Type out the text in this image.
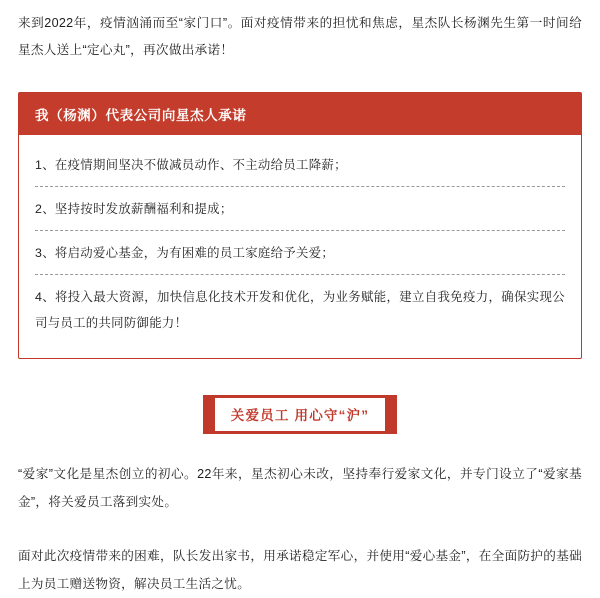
来到2022年，疫情汹涌而至“家门口”。面对疫情带来的担忧和焦虑，星杰队长杨渊先生第一时间给星杰人送上“定心丸”，再次做出承诺！

我（杨渊）代表公司向星杰人承诺
1、在疫情期间坚决不做减员动作、不主动给员工降薪；
2、坚持按时发放薪酬福利和提成；
3、将启动爱心基金，为有困难的员工家庭给予关爱；
4、将投入最大资源，加快信息化技术开发和优化，为业务赋能，建立自我免疫力，确保实现公司与员工的共同防御能力！
关爱员工 用心守“沪”

“爱家”文化是星杰创立的初心。22年来，星杰初心未改，坚持奉行爱家文化，并专门设立了“爱家基金”，将关爱员工落到实处。

面对此次疫情带来的困难，队长发出家书，用承诺稳定军心，并使用“爱心基金”，在全面防护的基础上为员工赠送物资，解决员工生活之忧。
